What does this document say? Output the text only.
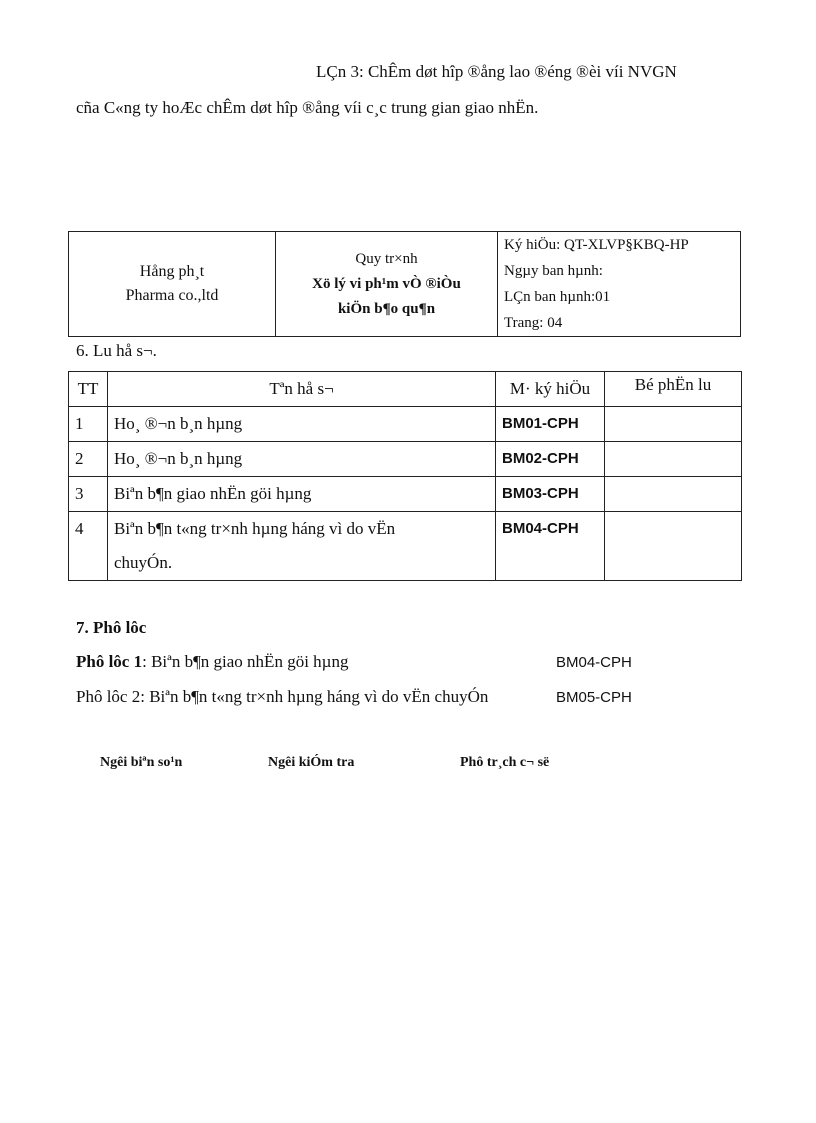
LÇn 3: ChÊm døt hîp ®ång lao ®éng ®èi víi NVGN
cña C«ng ty hoÆc chÊm døt hîp ®ång víi c¸c trung gian giao nhËn.
Hång ph¸t
Pharma co.,ltd

Quy tr×nh
Xö lý vi ph¹m vÒ ®iÒu
kiÖn b¶o qu¶n

Ký hiÖu: QT-XLVP§KBQ-HP
Ngµy ban hµnh:
LÇn ban hµnh:01
Trang: 04
6. Lu hå s¬.
TT	Tªn hå s¬	M· ký hiÖu	Bé phËn lu
1	Ho¸ ®¬n b¸n hµng	BM01-CPH	
2	Ho¸ ®¬n b¸n hµng	BM02-CPH	
3	Biªn b¶n giao nhËn göi hµng	BM03-CPH	
4	Biªn b¶n t«ng tr×nh hµng háng vì do vËn
chuyÓn.	BM04-CPH	
7. Phô lôc
Phô lôc 1: Biªn b¶n giao nhËn göi hµng	BM04-CPH
Phô lôc 2: Biªn b¶n t«ng tr×nh hµng háng vì do vËn chuyÓn	BM05-CPH
Ngêi biªn so¹n	Ngêi kiÓm tra	Phô tr¸ch c¬ së
